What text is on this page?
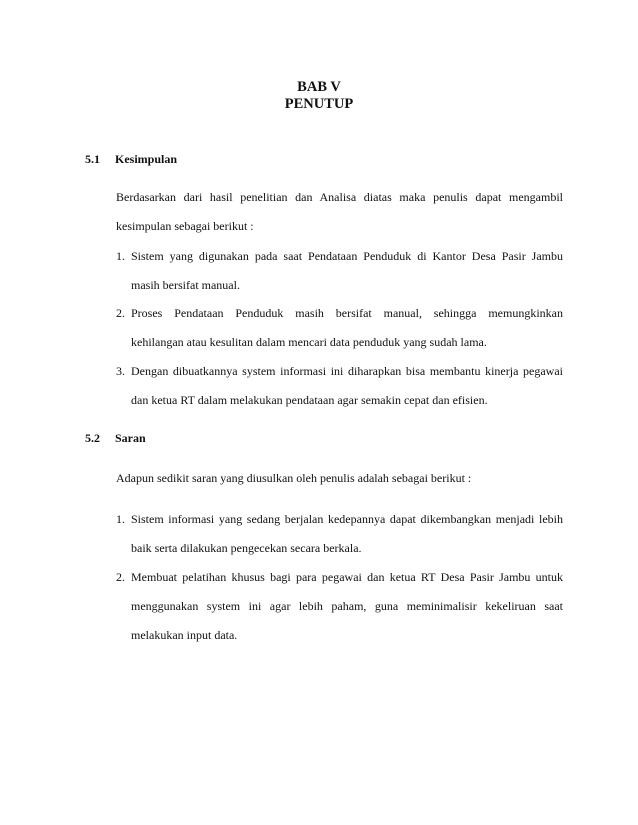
BAB V
PENUTUP
5.1 Kesimpulan

Berdasarkan dari hasil penelitian dan Analisa diatas maka penulis dapat mengambil

kesimpulan sebagai berikut :

1. Sistem yang digunakan pada saat Pendataan Penduduk di Kantor Desa Pasir Jambu

masih bersifat manual.

2. Proses Pendataan Penduduk masih bersifat manual, sehingga memungkinkan

kehilangan atau kesulitan dalam mencari data penduduk yang sudah lama.

3. Dengan dibuatkannya system informasi ini diharapkan bisa membantu kinerja pegawai

dan ketua RT dalam melakukan pendataan agar semakin cepat dan efisien.

5.2 Saran

Adapun sedikit saran yang diusulkan oleh penulis adalah sebagai berikut :

1. Sistem informasi yang sedang berjalan kedepannya dapat dikembangkan menjadi lebih

baik serta dilakukan pengecekan secara berkala.

2. Membuat pelatihan khusus bagi para pegawai dan ketua RT Desa Pasir Jambu untuk

menggunakan system ini agar lebih paham, guna meminimalisir kekeliruan saat

melakukan input data.
